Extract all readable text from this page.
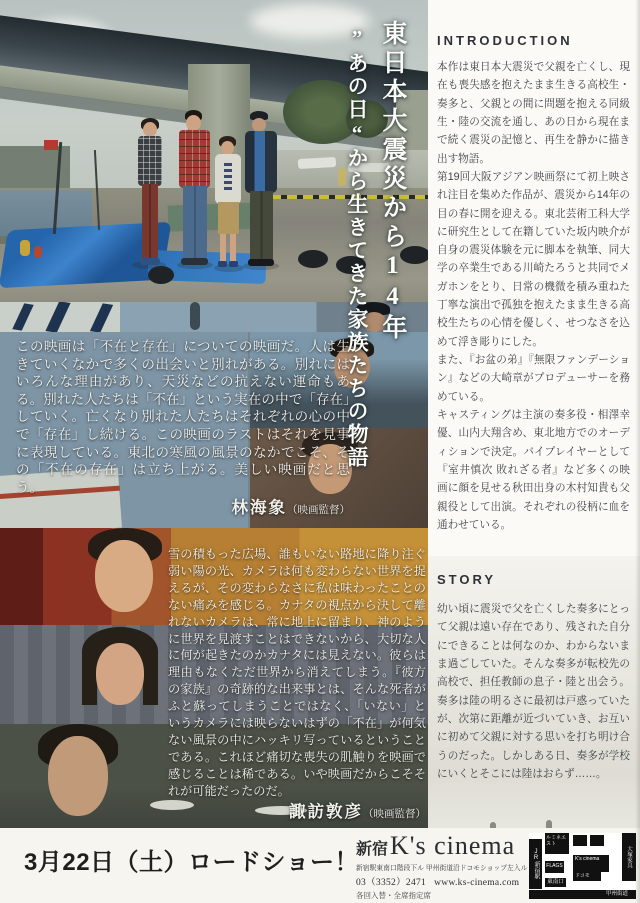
この映画は「不在と存在」についての映画だ。人は生きていくなかで多くの出会いと別れがある。別れにはいろんな理由があり、天災などの抗えない運命もある。別れた人たちは「不在」という実在の中で「存在」していく。亡くなり別れた人たちはそれぞれの心の中で「存在」し続ける。この映画のラストはそれを見事に表現している。東北の寒風の風景のなかでこそ、その「不在の存在」は立ち上がる。美しい映画だと思う。
林海象（映画監督）
雪の積もった広場、誰もいない路地に降り注ぐ弱い陽の光、カメラは何も変わらない世界を捉えるが、その変わらなさに私は味わったことのない痛みを感じる。カナタの視点から決して離れないカメラは、常に地上に留まり、神のように世界を見渡すことはできないから、大切な人に何が起きたのかカナタには見えない。彼らは理由もなくただ世界から消えてしまう。『彼方の家族』の奇跡的な出来事とは、そんな死者がふと蘇ってしまうことではなく、「いない」というカメラには映らないはずの「不在」が何気ない風景の中にハッキリ写っているということである。これほど痛切な喪失の肌触りを映画で感じることは稀である。いや映画だからこそそれが可能だったのだ。
諏訪敦彦（映画監督）
東日本大震災から14年
”あの日“から生きてきた家族たちの物語	INTRODUCTION

本作は東日本大震災で父親を亡くし、現在も喪失感を抱えたまま生きる高校生・奏多と、父親との間に問題を抱える同級生・陸の交流を通し、あの日から現在まで続く震災の記憶と、再生を静かに描き出す物語。

第19回大阪アジアン映画祭にて初上映され注目を集めた作品が、震災から14年の目の春に開を迎える。東北芸術工科大学に研究生として在籍していた坂内映介が自身の震災体験を元に脚本を執筆、同大学の卒業生である川崎たろうと共同でメガホンをとり、日常の機微を積み重ねた丁寧な演出で孤独を抱えたまま生きる高校生たちの心情を優しく、せつなさを込めて浮き彫りにした。

また、『お盆の弟』『無限ファンデーション』などの大崎章がプロデューサーを務めている。

キャスティングは主演の奏多役・相澤幸優、山内大翔含め、東北地方でのオーディションで決定。バイプレイヤーとして『室井慎次 敗れざる者』など多くの映画に顔を見せる秋田出身の木村知貴も父親役として出演。それぞれの役柄に血を通わせている。

STORY

幼い頃に震災で父を亡くした奏多にとって父親は遠い存在であり、残された自分にできることは何なのか、わからないまま過ごしていた。そんな奏多が転校先の高校で、担任教師の息子・陸と出会う。奏多は陸の明るさに最初は戸惑っていたが、次第に距離が近づいていき、お互いに初めて父親に対する思いを打ち明け合うのだった。しかしある日、奏多が学校にいくとそこには陸はおらず……。

3月22日（土）ロードショー！
新宿 K's cinema
新宿駅東南口階段下ル 甲州街道沿ドコモショップ左入ル
03（3352）2471 www.ks-cinema.com
各回入替・全席指定席
JR新宿駅
ルミネエスト
大塚家具
K's cinema
ドコモ
FLAGS
東南口
甲州街道
